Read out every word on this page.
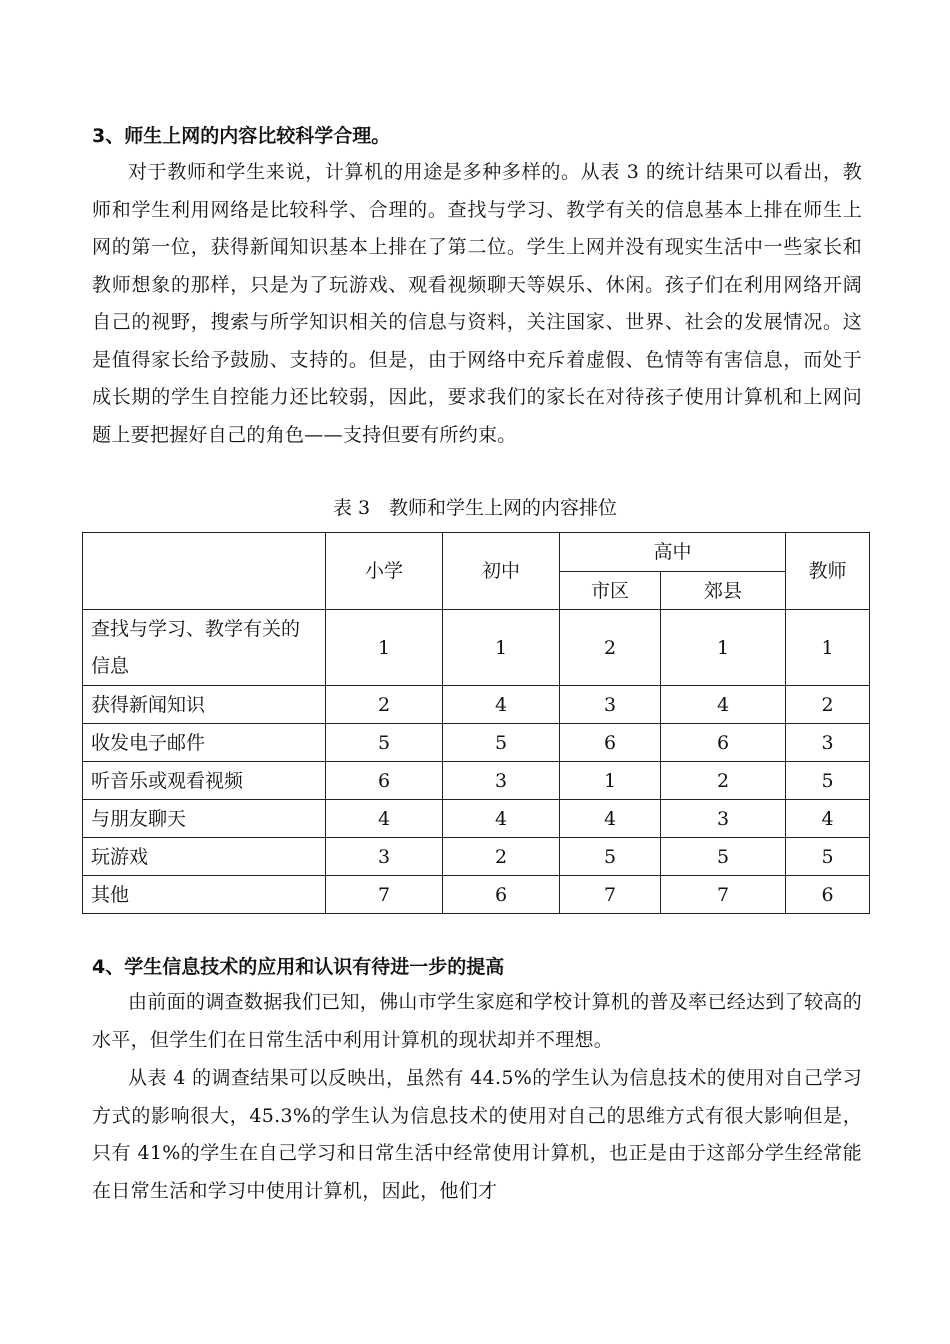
3、师生上网的内容比较科学合理。

对于教师和学生来说，计算机的用途是多种多样的。从表 3 的统计结果可以看出，教师和学生利用网络是比较科学、合理的。查找与学习、教学有关的信息基本上排在师生上网的第一位，获得新闻知识基本上排在了第二位。学生上网并没有现实生活中一些家长和教师想象的那样，只是为了玩游戏、观看视频聊天等娱乐、休闲。孩子们在利用网络开阔自己的视野，搜索与所学知识相关的信息与资料，关注国家、世界、社会的发展情况。这是值得家长给予鼓励、支持的。但是，由于网络中充斥着虚假、色情等有害信息，而处于成长期的学生自控能力还比较弱，因此，要求我们的家长在对待孩子使用计算机和上网问题上要把握好自己的角色——支持但要有所约束。

表 3　教师和学生上网的内容排位

	小学	初中	高中		教师
			市区	郊县	
查找与学习、教学有关的信息	1	1	2	1	1
获得新闻知识	2	4	3	4	2
收发电子邮件	5	5	6	6	3
听音乐或观看视频	6	3	1	2	5
与朋友聊天	4	4	4	3	4
玩游戏	3	2	5	5	5
其他	7	6	7	7	6
4、学生信息技术的应用和认识有待进一步的提高

由前面的调查数据我们已知，佛山市学生家庭和学校计算机的普及率已经达到了较高的水平，但学生们在日常生活中利用计算机的现状却并不理想。

从表 4 的调查结果可以反映出，虽然有 44.5%的学生认为信息技术的使用对自己学习方式的影响很大，45.3%的学生认为信息技术的使用对自己的思维方式有很大影响但是，只有 41%的学生在自己学习和日常生活中经常使用计算机，也正是由于这部分学生经常能在日常生活和学习中使用计算机，因此，他们才
